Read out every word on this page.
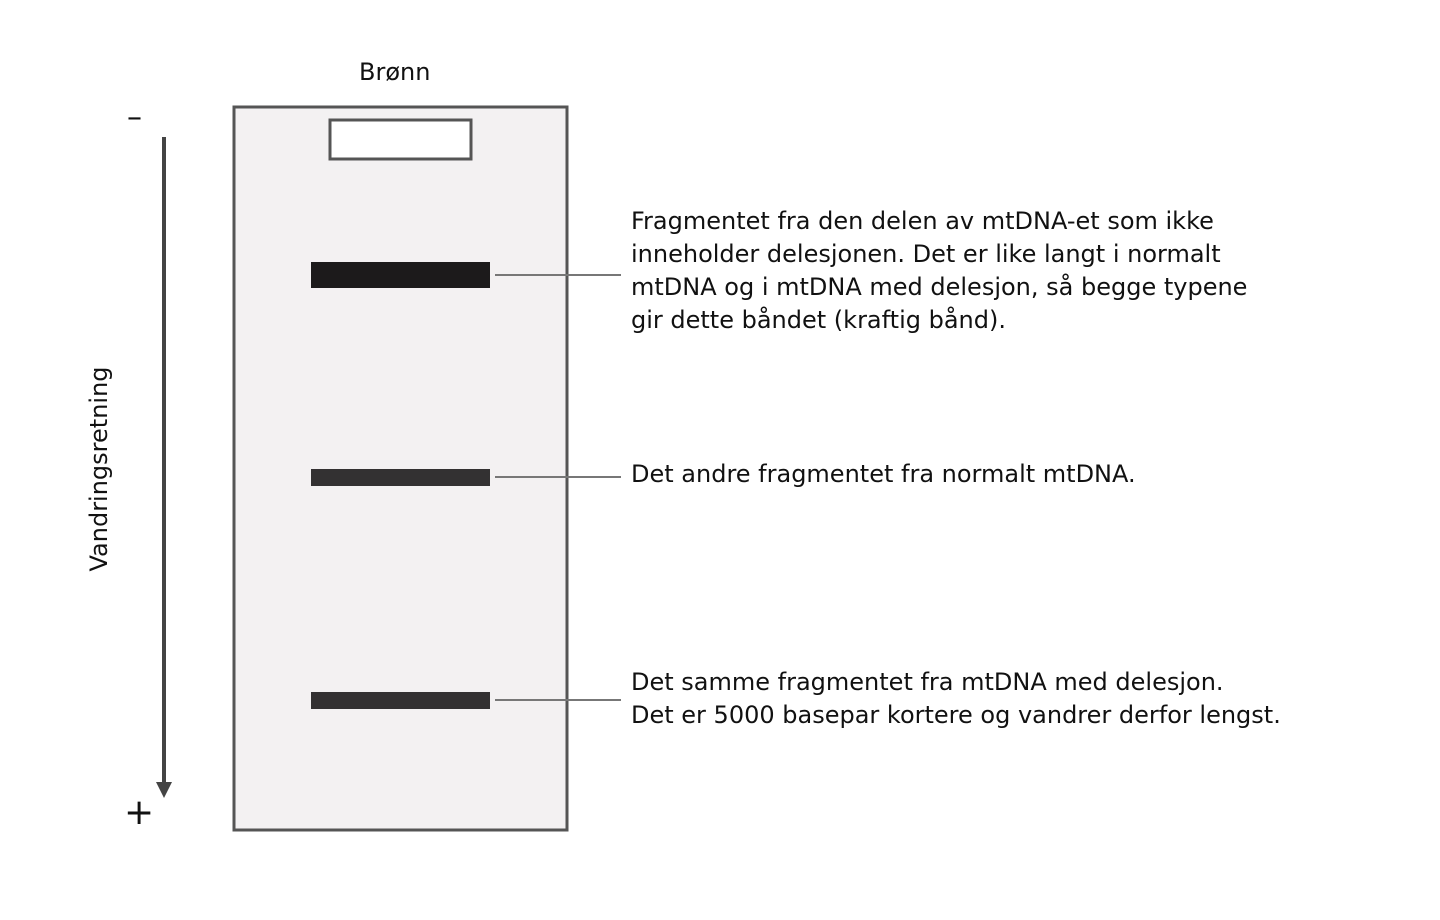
Brønn
–
+
Vandringsretning
Fragmentet fra den delen av mtDNA-et som ikke
inneholder delesjonen. Det er like langt i normalt
mtDNA og i mtDNA med delesjon, så begge typene
gir dette båndet (kraftig bånd).
Det andre fragmentet fra normalt mtDNA.
Det samme fragmentet fra mtDNA med delesjon.
Det er 5000 basepar kortere og vandrer derfor lengst.
